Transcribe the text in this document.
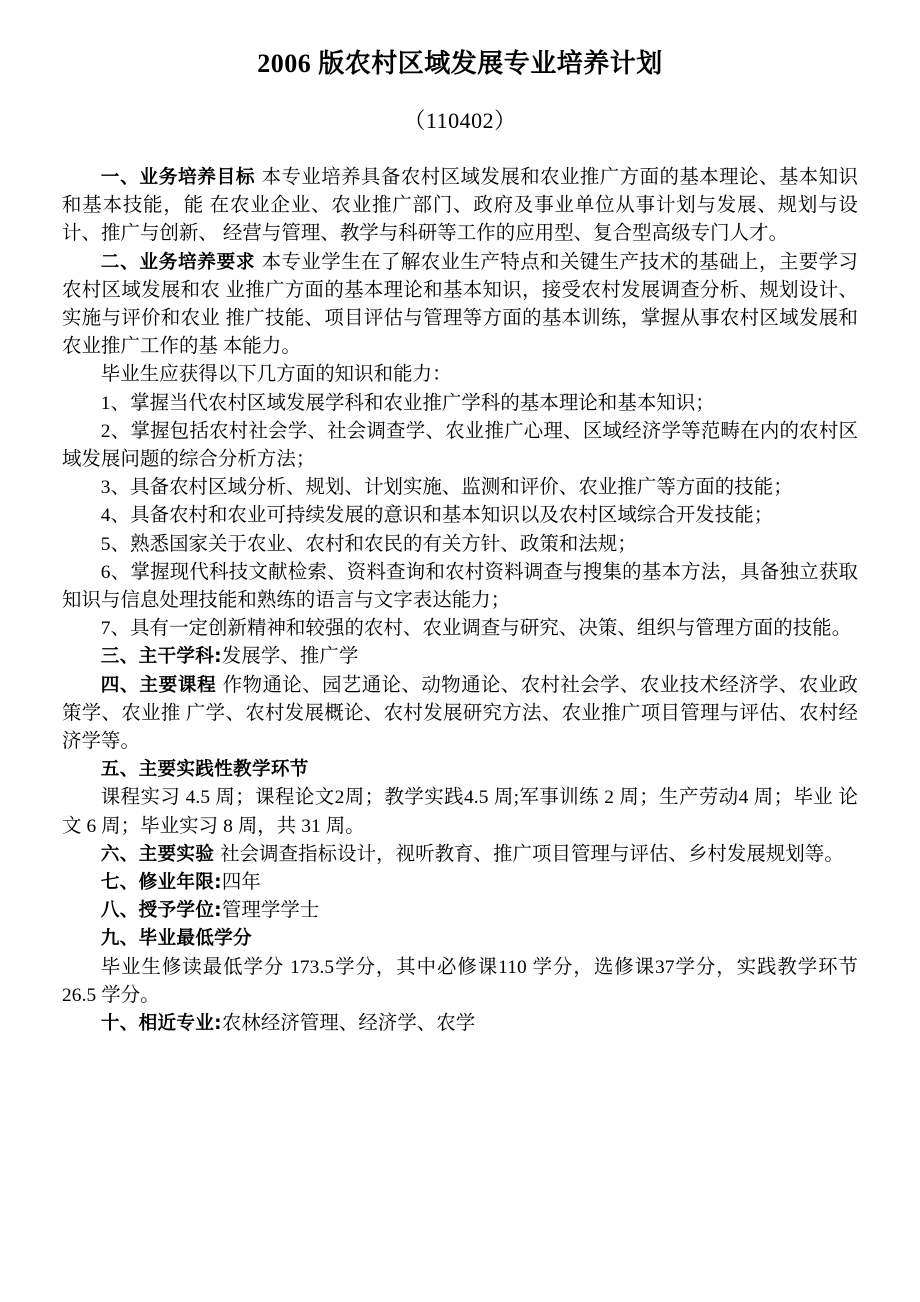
2006 版农村区域发展专业培养计划
（110402）

一、业务培养目标 本专业培养具备农村区域发展和农业推广方面的基本理论、基本知识和基本技能，能 在农业企业、农业推广部门、政府及事业单位从事计划与发展、规划与设计、推广与创新、 经营与管理、教学与科研等工作的应用型、复合型高级专门人才。

二、业务培养要求 本专业学生在了解农业生产特点和关键生产技术的基础上，主要学习农村区域发展和农 业推广方面的基本理论和基本知识，接受农村发展调查分析、规划设计、实施与评价和农业 推广技能、项目评估与管理等方面的基本训练，掌握从事农村区域发展和农业推广工作的基 本能力。

毕业生应获得以下几方面的知识和能力：

1、掌握当代农村区域发展学科和农业推广学科的基本理论和基本知识；

2、掌握包括农村社会学、社会调查学、农业推广心理、区域经济学等范畴在内的农村区域发展问题的综合分析方法；

3、具备农村区域分析、规划、计划实施、监测和评价、农业推广等方面的技能；

4、具备农村和农业可持续发展的意识和基本知识以及农村区域综合开发技能；

5、熟悉国家关于农业、农村和农民的有关方针、政策和法规；

6、掌握现代科技文献检索、资料查询和农村资料调查与搜集的基本方法，具备独立获取知识与信息处理技能和熟练的语言与文字表达能力；

7、具有一定创新精神和较强的农村、农业调查与研究、决策、组织与管理方面的技能。

三、主干学科:发展学、推广学

四、主要课程 作物通论、园艺通论、动物通论、农村社会学、农业技术经济学、农业政策学、农业推 广学、农村发展概论、农村发展研究方法、农业推广项目管理与评估、农村经济学等。

五、主要实践性教学环节

课程实习 4.5 周；课程论文2周；教学实践4.5 周;军事训练 2 周；生产劳动4 周；毕业 论文 6 周；毕业实习 8 周，共 31 周。

六、主要实验 社会调查指标设计，视听教育、推广项目管理与评估、乡村发展规划等。

七、修业年限:四年

八、授予学位:管理学学士

九、毕业最低学分

毕业生修读最低学分 173.5学分，其中必修课110 学分，选修课37学分，实践教学环节26.5 学分。

十、相近专业:农林经济管理、经济学、农学
